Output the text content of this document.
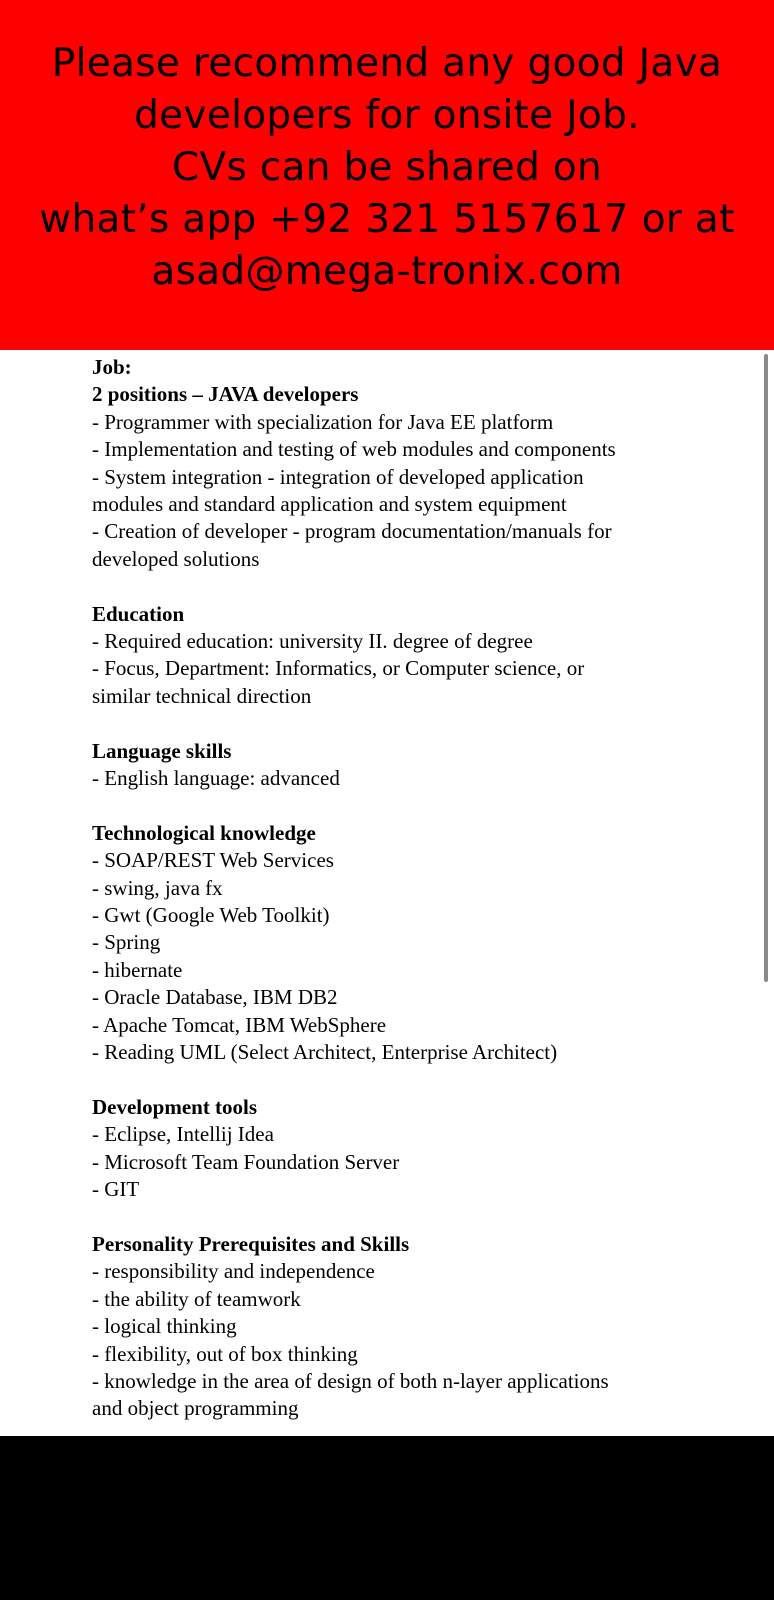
Please recommend any good Java
developers for onsite Job.
CVs can be shared on
what’s app +92 321 5157617 or at
asad@mega-tronix.com
Job:
2 positions – JAVA developers
- Programmer with specialization for Java EE platform
- Implementation and testing of web modules and components
- System integration - integration of developed application
modules and standard application and system equipment
- Creation of developer - program documentation/manuals for
developed solutions
Education
- Required education: university II. degree of degree
- Focus, Department: Informatics, or Computer science, or
similar technical direction
Language skills
- English language: advanced
Technological knowledge
- SOAP/REST Web Services
- swing, java fx
- Gwt (Google Web Toolkit)
- Spring
- hibernate
- Oracle Database, IBM DB2
- Apache Tomcat, IBM WebSphere
- Reading UML (Select Architect, Enterprise Architect)
Development tools
- Eclipse, Intellij Idea
- Microsoft Team Foundation Server
- GIT
Personality Prerequisites and Skills
- responsibility and independence
- the ability of teamwork
- logical thinking
- flexibility, out of box thinking
- knowledge in the area of design of both n-layer applications
and object programming
